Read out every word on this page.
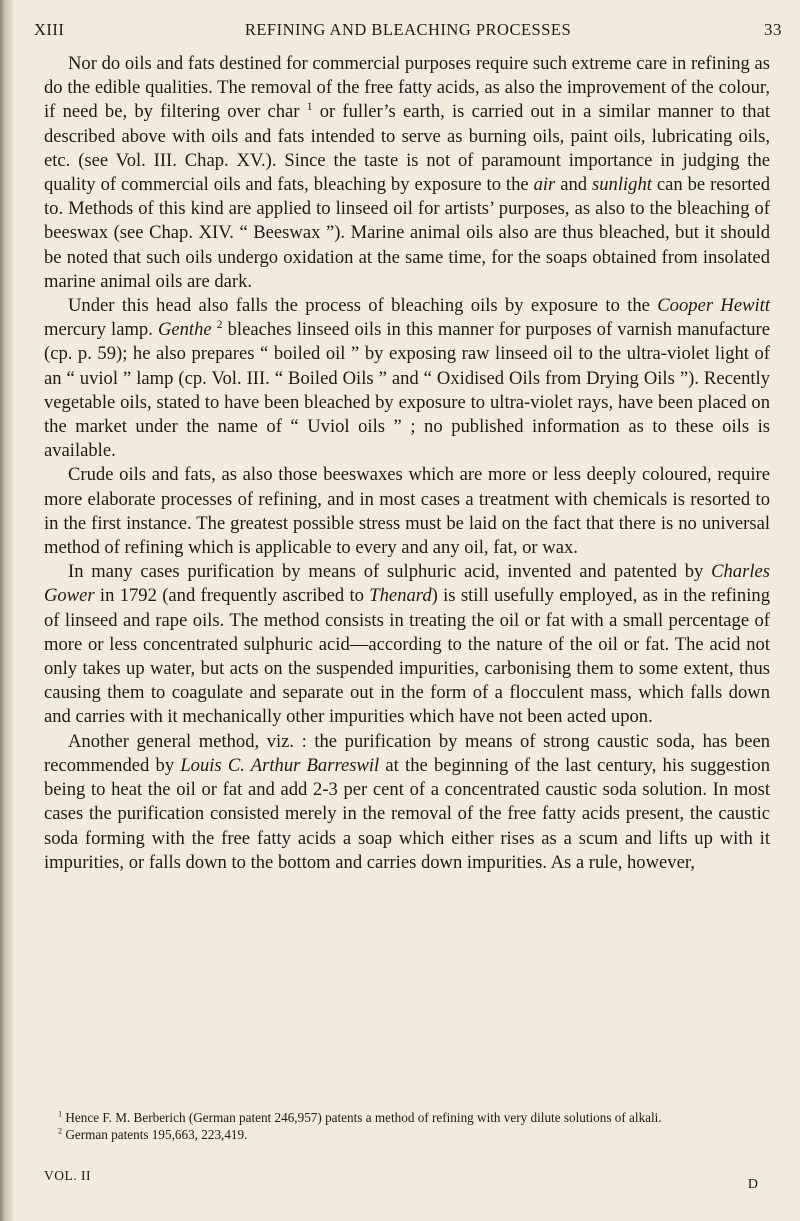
XIII	REFINING AND BLEACHING PROCESSES	33

Nor do oils and fats destined for commercial purposes require such extreme care in refining as do the edible qualities. The removal of the free fatty acids, as also the improvement of the colour, if need be, by filtering over char $^1$ or fuller’s earth, is carried out in a similar manner to that described above with oils and fats intended to serve as burning oils, paint oils, lubricating oils, etc. (see Vol. III. Chap. XV.). Since the taste is not of paramount importance in judging the quality of commercial oils and fats, bleaching by exposure to the air and sunlight can be resorted to. Methods of this kind are applied to linseed oil for artists’ purposes, as also to the bleaching of beeswax (see Chap. XIV. “ Beeswax ”). Marine animal oils also are thus bleached, but it should be noted that such oils undergo oxidation at the same time, for the soaps obtained from insolated marine animal oils are dark.

Under this head also falls the process of bleaching oils by exposure to the Cooper Hewitt mercury lamp. Genthe $^2$ bleaches linseed oils in this manner for purposes of varnish manufacture (cp. p. 59); he also prepares “ boiled oil ” by exposing raw linseed oil to the ultra-violet light of an “ uviol ” lamp (cp. Vol. III. “ Boiled Oils ” and “ Oxidised Oils from Drying Oils ”). Recently vegetable oils, stated to have been bleached by exposure to ultra-violet rays, have been placed on the market under the name of “ Uviol oils ” ; no published information as to these oils is available.

Crude oils and fats, as also those beeswaxes which are more or less deeply coloured, require more elaborate processes of refining, and in most cases a treatment with chemicals is resorted to in the first instance. The greatest possible stress must be laid on the fact that there is no universal method of refining which is applicable to every and any oil, fat, or wax.

In many cases purification by means of sulphuric acid, invented and patented by Charles Gower in 1792 (and frequently ascribed to Thenard) is still usefully employed, as in the refining of linseed and rape oils. The method consists in treating the oil or fat with a small percentage of more or less concentrated sulphuric acid—according to the nature of the oil or fat. The acid not only takes up water, but acts on the suspended impurities, carbonising them to some extent, thus causing them to coagulate and separate out in the form of a flocculent mass, which falls down and carries with it mechanically other impurities which have not been acted upon.

Another general method, viz. : the purification by means of strong caustic soda, has been recommended by Louis C. Arthur Barreswil at the beginning of the last century, his suggestion being to heat the oil or fat and add 2-3 per cent of a concentrated caustic soda solution. In most cases the purification consisted merely in the removal of the free fatty acids present, the caustic soda forming with the free fatty acids a soap which either rises as a scum and lifts up with it impurities, or falls down to the bottom and carries down impurities. As a rule, however,

$^1$ Hence F. M. Berberich (German patent 246,957) patents a method of refining with very dilute solutions of alkali.

$^2$ German patents 195,663, 223,419.

VOL. II
D
